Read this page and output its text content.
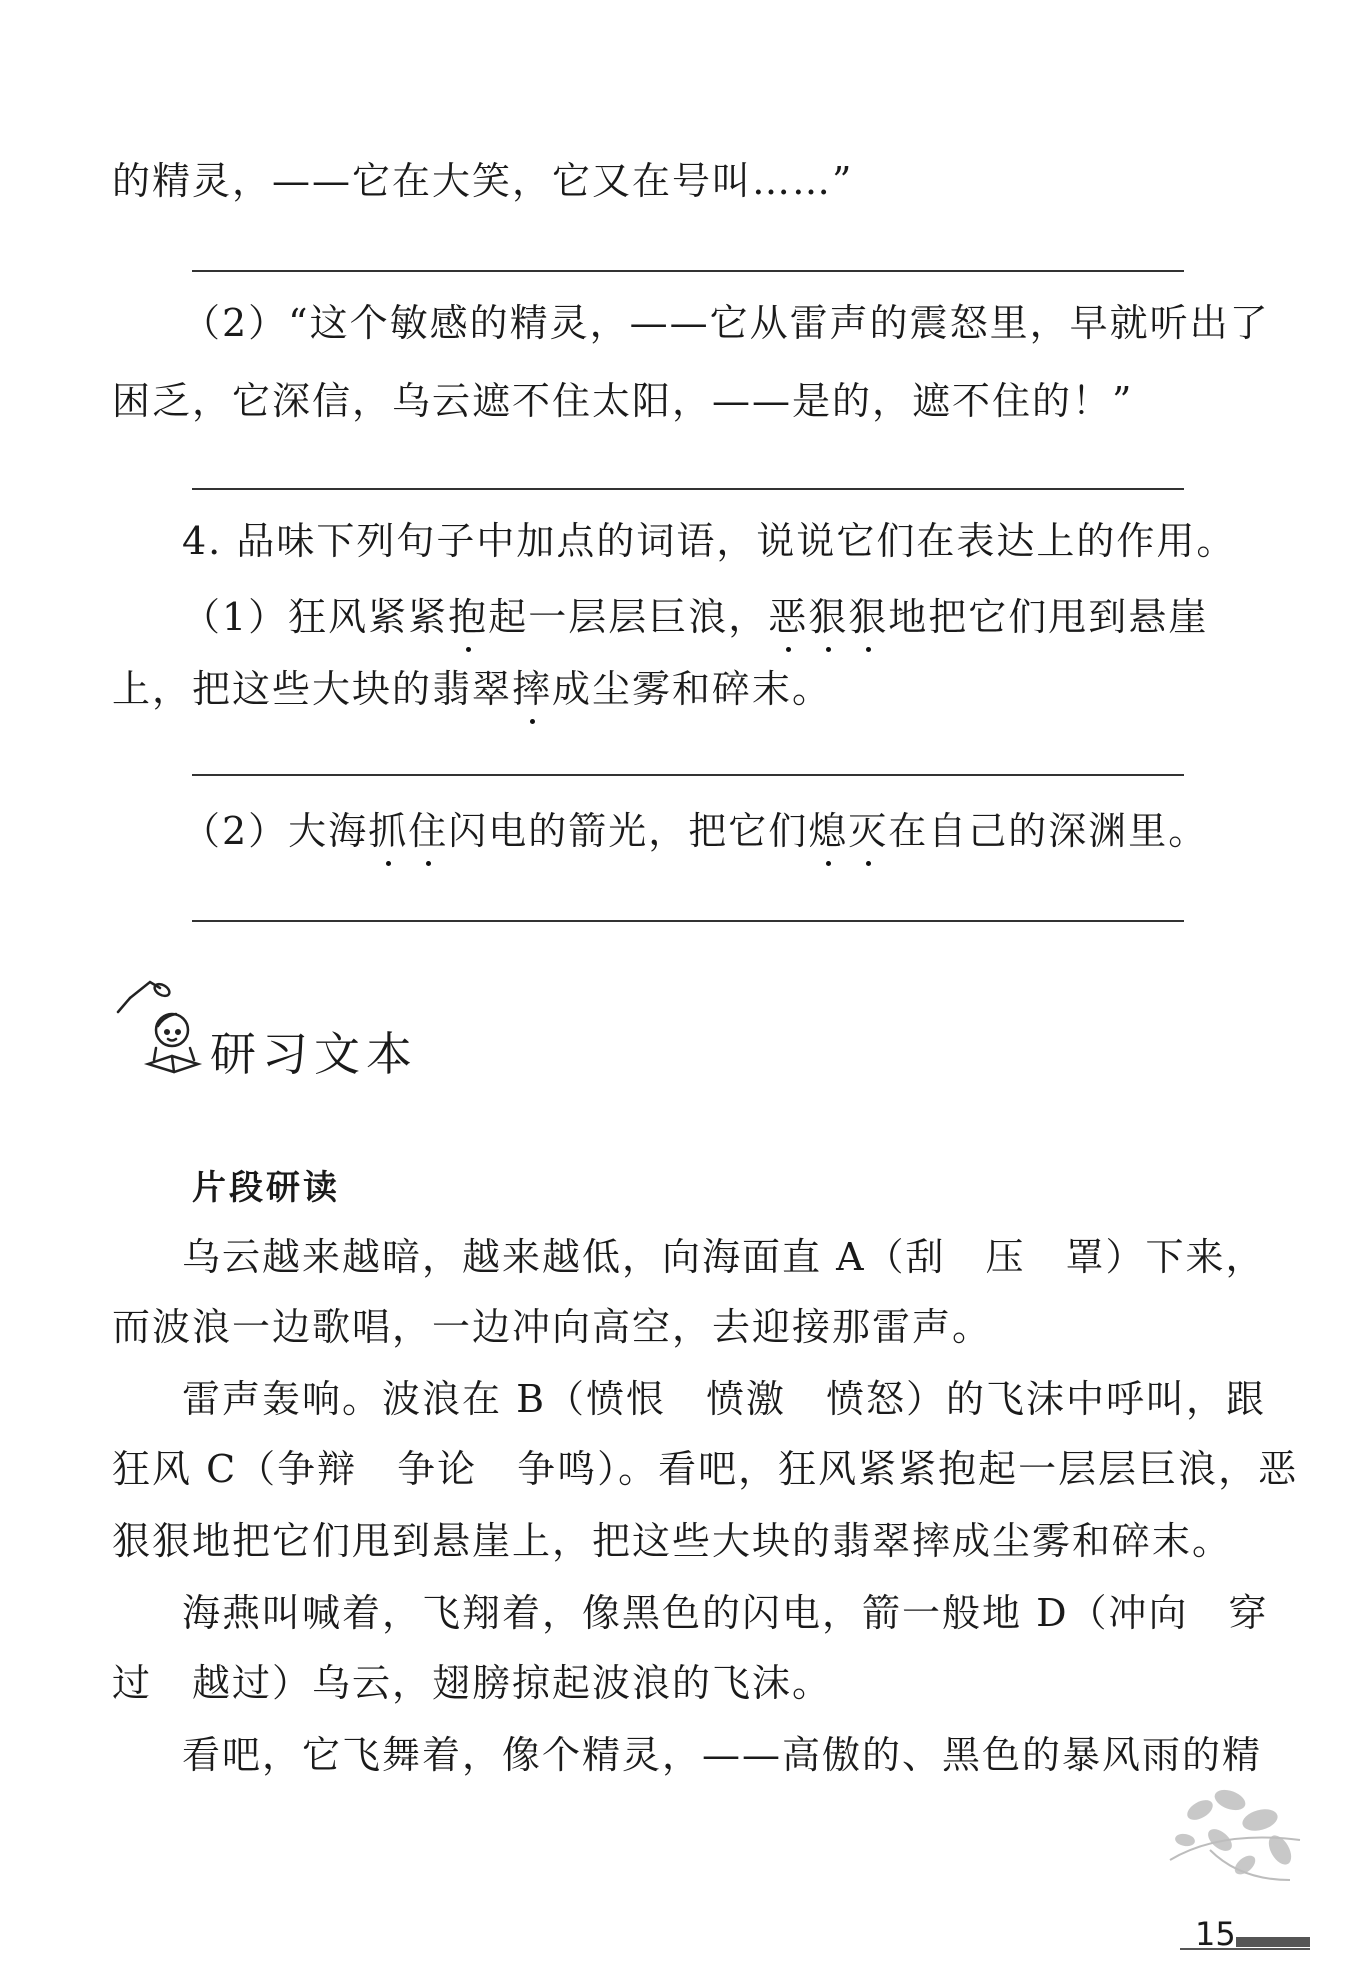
的精灵，——它在大笑，它又在号叫……”
（2）“这个敏感的精灵，——它从雷声的震怒里，早就听出了
困乏，它深信，乌云遮不住太阳，——是的，遮不住的！”
4. 品味下列句子中加点的词语，说说它们在表达上的作用。
（1）狂风紧紧抱起一层层巨浪，恶狠狠地把它们甩到悬崖
上，把这些大块的翡翠摔成尘雾和碎末。
（2）大海抓住闪电的箭光，把它们熄灭在自己的深渊里。
研习文本
片段研读
乌云越来越暗，越来越低，向海面直 A（刮　压　罩）下来，
而波浪一边歌唱，一边冲向高空，去迎接那雷声。
雷声轰响。波浪在 B（愤恨　愤激　愤怒）的飞沫中呼叫，跟
狂风 C（争辩　争论　争鸣）。看吧，狂风紧紧抱起一层层巨浪，恶
狠狠地把它们甩到悬崖上，把这些大块的翡翠摔成尘雾和碎末。
海燕叫喊着，飞翔着，像黑色的闪电，箭一般地 D（冲向　穿
过　越过）乌云，翅膀掠起波浪的飞沫。
看吧，它飞舞着，像个精灵，——高傲的、黑色的暴风雨的精
15
